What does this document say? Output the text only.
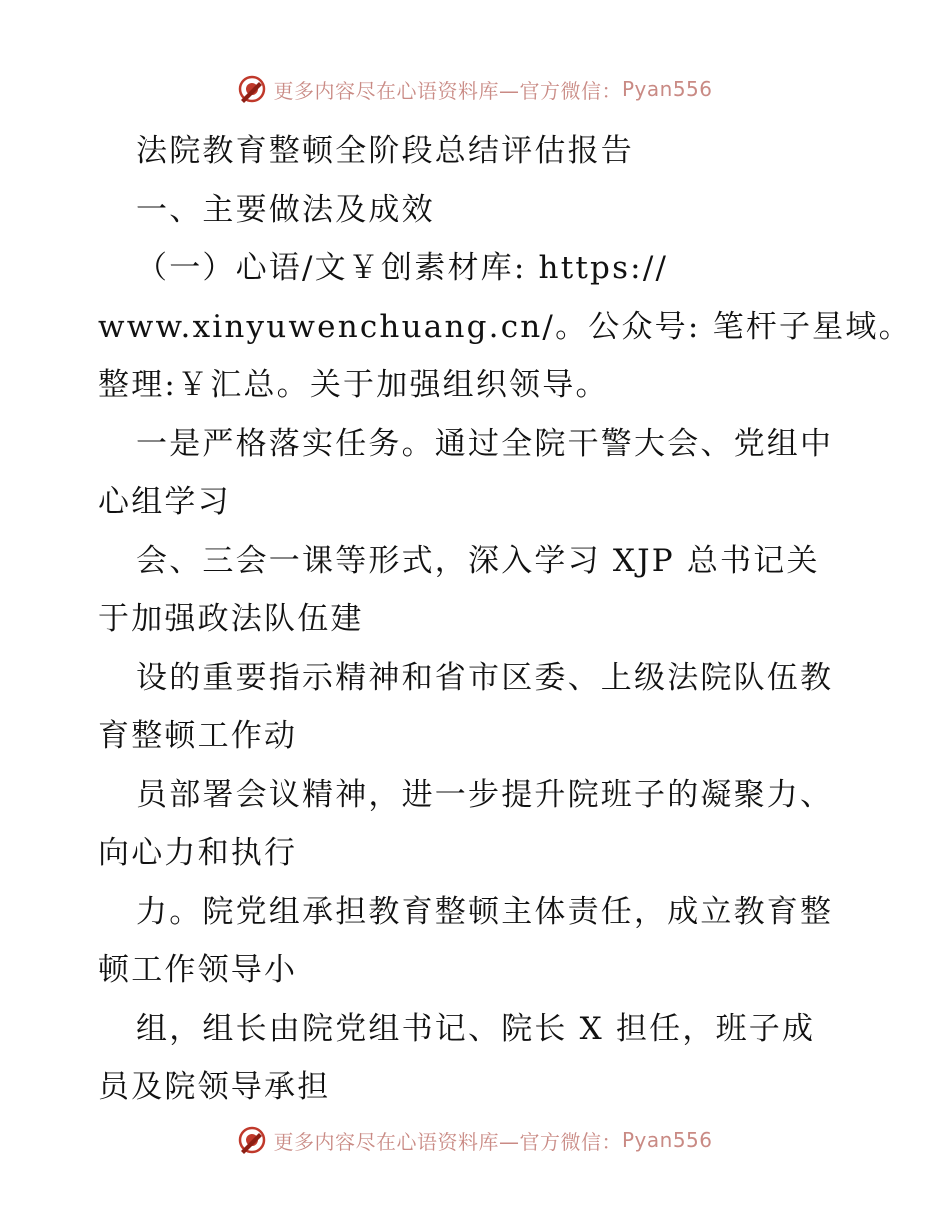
更多内容尽在心语资料库—官方微信： Pyan556
法院教育整顿全阶段总结评估报告
一、主要做法及成效
（一）心语/文￥创素材库: https://
www.xinyuwenchuang.cn/。公众号: 笔杆子星域。
整理:￥汇总。关于加强组织领导。
一是严格落实任务。通过全院干警大会、党组中
心组学习
会、三会一课等形式，深入学习 XJP 总书记关
于加强政法队伍建
设的重要指示精神和省市区委、上级法院队伍教
育整顿工作动
员部署会议精神，进一步提升院班子的凝聚力、
向心力和执行
力。院党组承担教育整顿主体责任，成立教育整
顿工作领导小
组，组长由院党组书记、院长 X 担任，班子成
员及院领导承担
更多内容尽在心语资料库—官方微信： Pyan556
